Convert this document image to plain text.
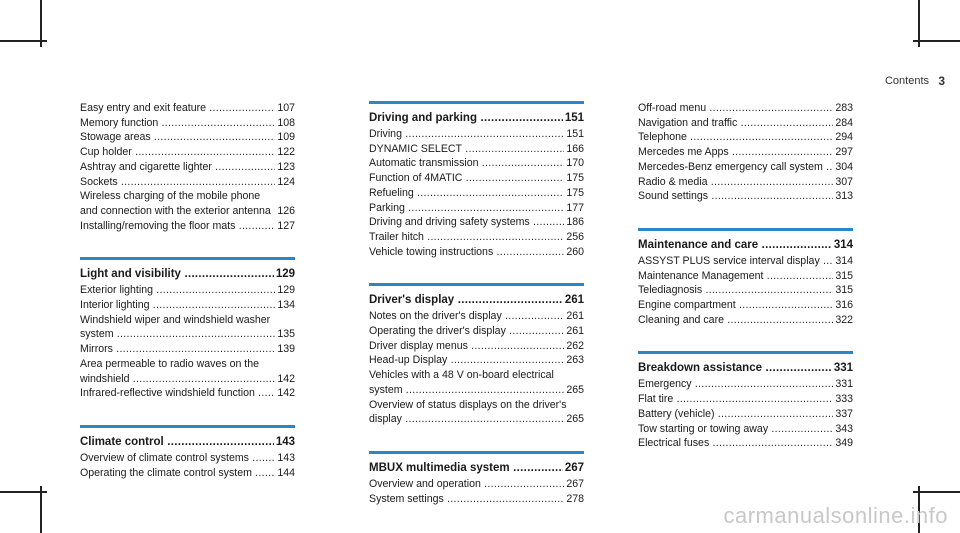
Contents 3
Easy entry and exit feature .....	107
Memory function .....	108
Stowage areas .....	109
Cup holder .....	122
Ashtray and cigarette lighter .....	123
Sockets .....	124
Wireless charging of the mobile phone
and connection with the exterior antenna ..... 126
Installing/removing the floor mats .....	127
Light and visibility .....	129
Exterior lighting .....	129
Interior lighting .....	134
Windshield wiper and windshield washer
system .....	135
Mirrors .....	139
Area permeable to radio waves on the
windshield .....	142
Infrared-reflective windshield function ..... 142
Climate control .....	143
Overview of climate control systems .....	143
Operating the climate control system ..... 144
Driving and parking .....	151
Driving .....	151
DYNAMIC SELECT .....	166
Automatic transmission .....	170
Function of 4MATIC .....	175
Refueling .....	175
Parking .....	177
Driving and driving safety systems .....	186
Trailer hitch .....	256
Vehicle towing instructions .....	260
Driver's display .....	261
Notes on the driver's display .....	261
Operating the driver's display .....	261
Driver display menus .....	262
Head-up Display .....	263
Vehicles with a 48 V on-board electrical
system .....	265
Overview of status displays on the driver's
display .....	265
MBUX multimedia system .....	267
Overview and operation .....	267
System settings .....	278
Off-road menu .....	283
Navigation and traffic .....	284
Telephone .....	294
Mercedes me Apps .....	297
Mercedes-Benz emergency call system ..... 304
Radio & media .....	307
Sound settings .....	313
Maintenance and care .....	314
ASSYST PLUS service interval display ..... 314
Maintenance Management .....	315
Telediagnosis .....	315
Engine compartment .....	316
Cleaning and care .....	322
Breakdown assistance .....	331
Emergency .....	331
Flat tire .....	333
Battery (vehicle) .....	337
Tow starting or towing away .....	343
Electrical fuses .....	349
carmanualsonline.info
